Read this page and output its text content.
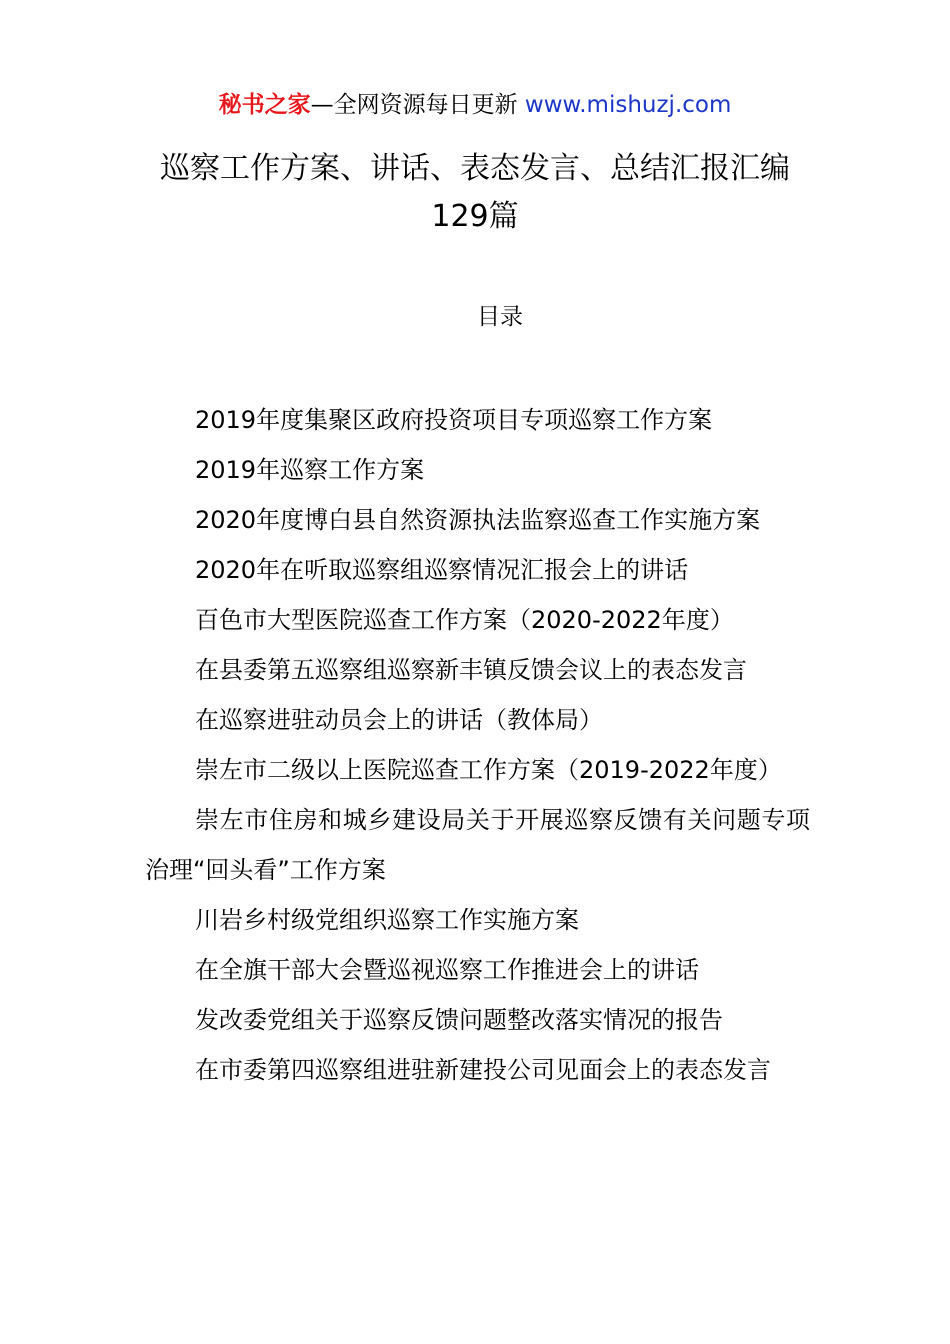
秘书之家—全网资源每日更新 www.mishuzj.com
巡察工作方案、讲话、表态发言、总结汇报汇编129篇
目录
2019年度集聚区政府投资项目专项巡察工作方案
2019年巡察工作方案
2020年度博白县自然资源执法监察巡查工作实施方案
2020年在听取巡察组巡察情况汇报会上的讲话
百色市大型医院巡查工作方案（2020-2022年度）
在县委第五巡察组巡察新丰镇反馈会议上的表态发言
在巡察进驻动员会上的讲话（教体局）
崇左市二级以上医院巡查工作方案（2019-2022年度）
崇左市住房和城乡建设局关于开展巡察反馈有关问题专项治理“回头看”工作方案
川岩乡村级党组织巡察工作实施方案
在全旗干部大会暨巡视巡察工作推进会上的讲话
发改委党组关于巡察反馈问题整改落实情况的报告
在市委第四巡察组进驻新建投公司见面会上的表态发言
